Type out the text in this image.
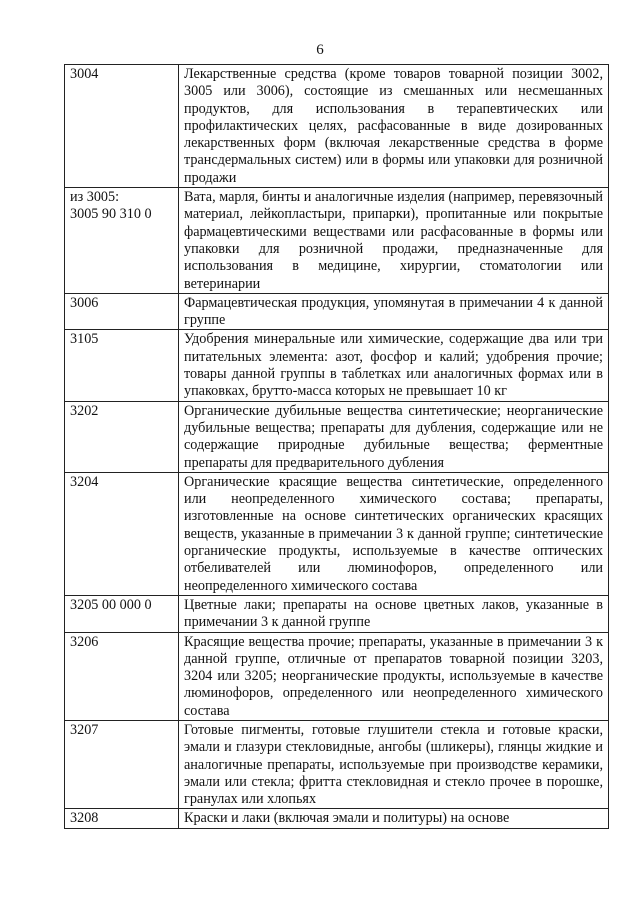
6
3004	Лекарственные средства (кроме товаров товарной позиции 3002, 3005 или 3006), состоящие из смешанных или несмешанных продуктов, для использования в терапевтических или профилактических целях, расфасованные в виде дозированных лекарственных форм (включая лекарственные средства в форме трансдермальных систем) или в формы или упаковки для розничной продажи

из 3005:
3005 90 310 0	Вата, марля, бинты и аналогичные изделия (например, перевязочный материал, лейкопластыри, припарки), пропитанные или покрытые фармацевтическими веществами или расфасованные в формы или упаковки для розничной продажи, предназначенные для использования в медицине, хирургии, стоматологии или ветеринарии

3006	Фармацевтическая продукция, упомянутая в примечании 4 к данной группе

3105	Удобрения минеральные или химические, содержащие два или три питательных элемента: азот, фосфор и калий; удобрения прочие; товары данной группы в таблетках или аналогичных формах или в упаковках, брутто-масса которых не превышает 10 кг

3202	Органические дубильные вещества синтетические; неорганические дубильные вещества; препараты для дубления, содержащие или не содержащие природные дубильные вещества; ферментные препараты для предварительного дубления

3204	Органические красящие вещества синтетические, определенного или неопределенного химического состава; препараты, изготовленные на основе синтетических органических красящих веществ, указанные в примечании 3 к данной группе; синтетические органические продукты, используемые в качестве оптических отбеливателей или люминофоров, определенного или неопределенного химического состава

3205 00 000 0	Цветные лаки; препараты на основе цветных лаков, указанные в примечании 3 к данной группе

3206	Красящие вещества прочие; препараты, указанные в примечании 3 к данной группе, отличные от препаратов товарной позиции 3203, 3204 или 3205; неорганические продукты, используемые в качестве люминофоров, определенного или неопределенного химического состава

3207	Готовые пигменты, готовые глушители стекла и готовые краски, эмали и глазури стекловидные, ангобы (шликеры), глянцы жидкие и аналогичные препараты, используемые при производстве керамики, эмали или стекла; фритта стекловидная и стекло прочее в порошке, гранулах или хлопьях

3208	Краски и лаки (включая эмали и политуры) на основе
